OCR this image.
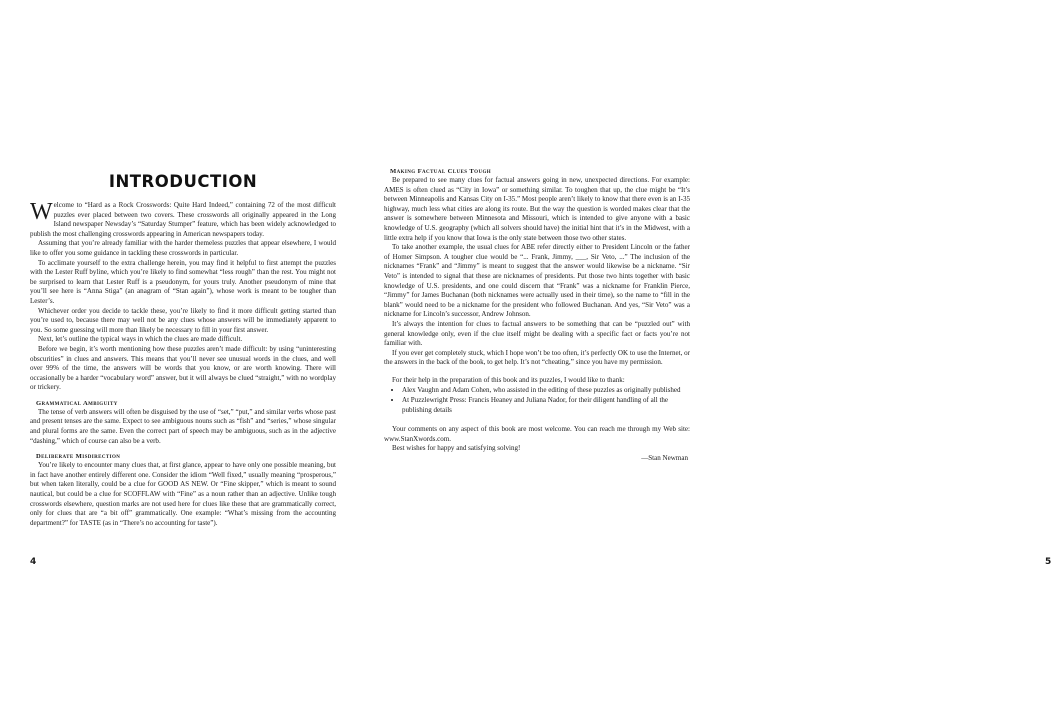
INTRODUCTION

Welcome to “Hard as a Rock Crosswords: Quite Hard Indeed,” containing 72 of the most difficult puzzles ever placed between two covers. These crosswords all originally appeared in the Long Island newspaper Newsday’s “Saturday Stumper” feature, which has been widely acknowledged to publish the most challenging crosswords appearing in American newspapers today.

Assuming that you’re already familiar with the harder themeless puzzles that appear elsewhere, I would like to offer you some guidance in tackling these crosswords in particular.

To acclimate yourself to the extra challenge herein, you may find it helpful to first attempt the puzzles with the Lester Ruff byline, which you’re likely to find somewhat “less rough” than the rest. You might not be surprised to learn that Lester Ruff is a pseudonym, for yours truly. Another pseudonym of mine that you’ll see here is “Anna Stiga” (an anagram of “Stan again”), whose work is meant to be tougher than Lester’s.

Whichever order you decide to tackle these, you’re likely to find it more difficult getting started than you’re used to, because there may well not be any clues whose answers will be immediately apparent to you. So some guessing will more than likely be necessary to fill in your first answer.

Next, let’s outline the typical ways in which the clues are made difficult.

Before we begin, it’s worth mentioning how these puzzles aren’t made difficult: by using “uninteresting obscurities” in clues and answers. This means that you’ll never see unusual words in the clues, and well over 99% of the time, the answers will be words that you know, or are worth knowing. There will occasionally be a harder “vocabulary word” answer, but it will always be clued “straight,” with no wordplay or trickery.

Grammatical Ambiguity

The tense of verb answers will often be disguised by the use of “set,” “put,” and similar verbs whose past and present tenses are the same. Expect to see ambiguous nouns such as “fish” and “series,” whose singular and plural forms are the same. Even the correct part of speech may be ambiguous, such as in the adjective “dashing,” which of course can also be a verb.

Deliberate Misdirection

You’re likely to encounter many clues that, at first glance, appear to have only one possible meaning, but in fact have another entirely different one. Consider the idiom “Well fixed,” usually meaning “prosperous,” but when taken literally, could be a clue for GOOD AS NEW. Or “Fine skipper,” which is meant to sound nautical, but could be a clue for SCOFFLAW with “Fine” as a noun rather than an adjective. Unlike tough crosswords elsewhere, question marks are not used here for clues like these that are grammatically correct, only for clues that are “a bit off” grammatically. One example: “What’s missing from the accounting department?” for TASTE (as in “There’s no accounting for taste”).

4
Making Factual Clues Tough

Be prepared to see many clues for factual answers going in new, unexpected directions. For example: AMES is often clued as “City in Iowa” or something similar. To toughen that up, the clue might be “It’s between Minneapolis and Kansas City on I-35.” Most people aren’t likely to know that there even is an I-35 highway, much less what cities are along its route. But the way the question is worded makes clear that the answer is somewhere between Minnesota and Missouri, which is intended to give anyone with a basic knowledge of U.S. geography (which all solvers should have) the initial hint that it’s in the Midwest, with a little extra help if you know that Iowa is the only state between those two other states.

To take another example, the usual clues for ABE refer directly either to President Lincoln or the father of Homer Simpson. A tougher clue would be “... Frank, Jimmy, ___, Sir Veto, ...” The inclusion of the nicknames “Frank” and “Jimmy” is meant to suggest that the answer would likewise be a nickname. “Sir Veto” is intended to signal that these are nicknames of presidents. Put those two hints together with basic knowledge of U.S. presidents, and one could discern that “Frank” was a nickname for Franklin Pierce, “Jimmy” for James Buchanan (both nicknames were actually used in their time), so the name to “fill in the blank” would need to be a nickname for the president who followed Buchanan. And yes, “Sir Veto” was a nickname for Lincoln’s successor, Andrew Johnson.

It’s always the intention for clues to factual answers to be something that can be “puzzled out” with general knowledge only, even if the clue itself might be dealing with a specific fact or facts you’re not familiar with.

If you ever get completely stuck, which I hope won’t be too often, it’s perfectly OK to use the Internet, or the answers in the back of the book, to get help. It’s not “cheating,” since you have my permission.

For their help in the preparation of this book and its puzzles, I would like to thank:

• Alex Vaughn and Adam Cohen, who assisted in the editing of these puzzles as originally published
• At Puzzlewright Press: Francis Heaney and Juliana Nador, for their diligent handling of all the publishing details

Your comments on any aspect of this book are most welcome. You can reach me through my Web site: www.StanXwords.com.

Best wishes for happy and satisfying solving!

—Stan Newman

5
